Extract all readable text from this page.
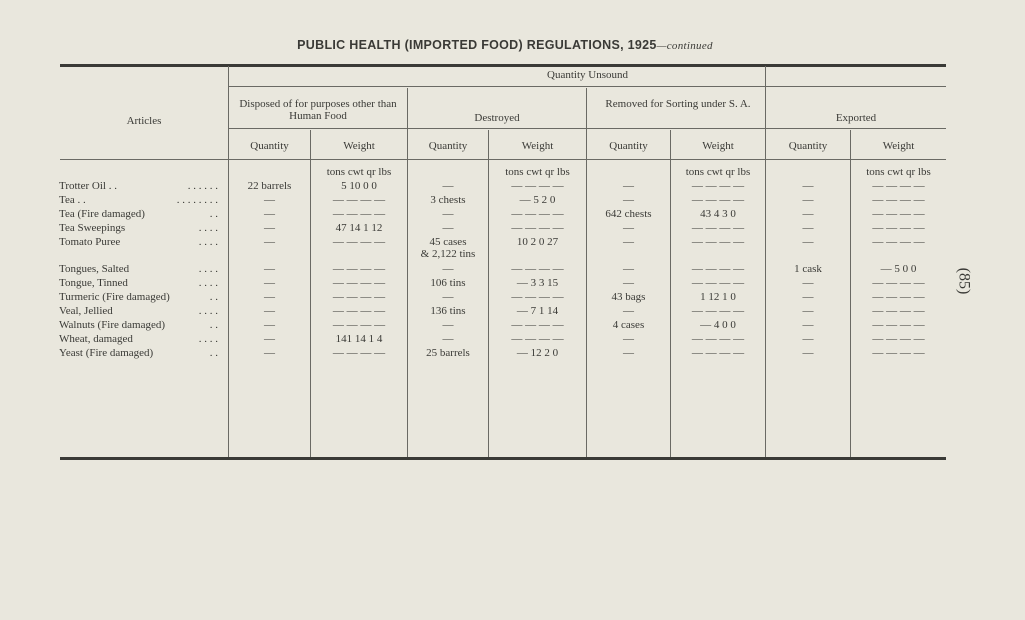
PUBLIC HEALTH (IMPORTED FOOD) REGULATIONS, 1925—continued
Articles
Quantity Unsound
Disposed of for purposes other than Human Food	Destroyed
Removed for Sorting under S. A.
Exported
Quantity	Weight	Quantity	Weight	Quantity	Weight	Quantity	Weight
tons cwt qr lbs	tons cwt qr lbs	tons cwt qr lbs	tons cwt qr lbs
(85)
Trotter Oil . .	. . . . . .	22 barrels	5 10 0 0	—	— — — —	—	— — — —	—	— — — —
Tea . .	. . . . . . . .	—	— — — —	3 chests	— 5 2 0	—	— — — —	—	— — — —
Tea (Fire damaged)	. .	—	— — — —	—	— — — —	642 chests	43 4 3 0	—	— — — —
Tea Sweepings	. . . .	—	47 14 1 12	—	— — — —	—	— — — —	—	— — — —
Tomato Puree	. . . .	—	— — — —	45 cases	10 2 0 27	—	— — — —	—	— — — —
& 2,122 tins
Tongues, Salted	. . . .	—	— — — —	—	— — — —	—	— — — —	1 cask	— 5 0 0
Tongue, Tinned	. . . .	—	— — — —	106 tins	— 3 3 15	—	— — — —	—	— — — —
Turmeric (Fire damaged)	. .	—	— — — —	—	— — — —	43 bags	1 12 1 0	—	— — — —
Veal, Jellied	. . . .	—	— — — —	136 tins	— 7 1 14	—	— — — —	—	— — — —
Walnuts (Fire damaged)	. .	—	— — — —	—	— — — —	4 cases	— 4 0 0	—	— — — —
Wheat, damaged	. . . .	—	141 14 1 4	—	— — — —	—	— — — —	—	— — — —
Yeast (Fire damaged)	. .	—	— — — —	25 barrels	— 12 2 0	—	— — — —	—	— — — —
